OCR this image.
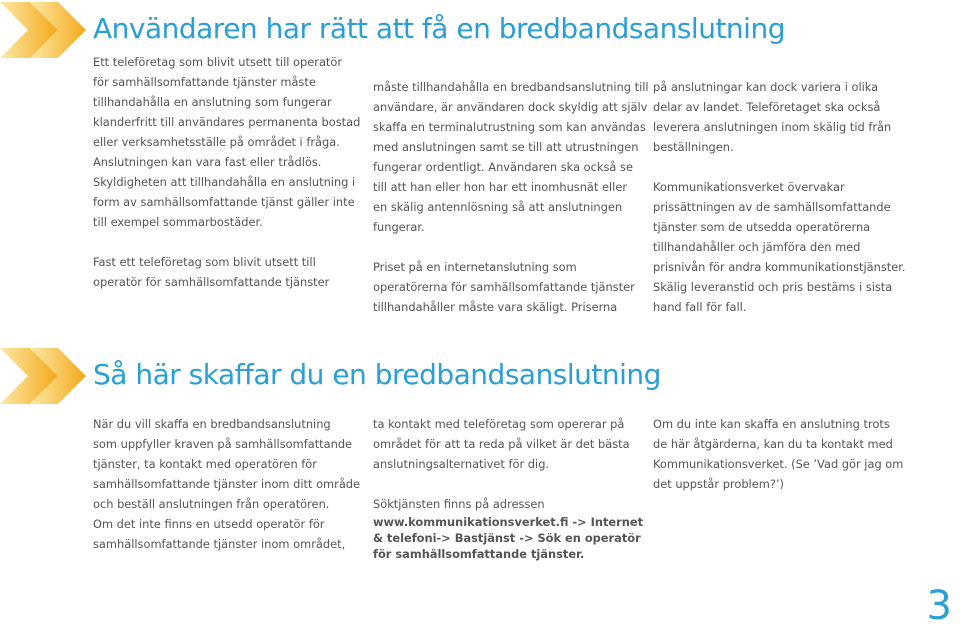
Användaren har rätt att få en bredbandsanslutning

Ett teleföretag som blivit utsett till operatör

för samhällsomfattande tjänster måste

tillhandahålla en anslutning som fungerar

klanderfritt till användares permanenta bostad

eller verksamhetsställe på området i fråga.

Anslutningen kan vara fast eller trådlös.

Skyldigheten att tillhandahålla en anslutning i

form av samhällsomfattande tjänst gäller inte

till exempel sommarbostäder.

Fast ett teleföretag som blivit utsett till

operatör för samhällsomfattande tjänster

måste tillhandahålla en bredbandsanslutning till

användare, är användaren dock skyldig att själv

skaffa en terminalutrustning som kan användas

med anslutningen samt se till att utrustningen

fungerar ordentligt. Användaren ska också se

till att han eller hon har ett inomhusnät eller

en skälig antennlösning så att anslutningen

fungerar.

Priset på en internetanslutning som

operatörerna för samhällsomfattande tjänster

tillhandahåller måste vara skäligt. Priserna

på anslutningar kan dock variera i olika

delar av landet. Teleföretaget ska också

leverera anslutningen inom skälig tid från

beställningen.

Kommunikationsverket övervakar

prissättningen av de samhällsomfattande

tjänster som de utsedda operatörerna

tillhandahåller och jämföra den med

prisnivån för andra kommunikationstjänster.

Skälig leveranstid och pris bestäms i sista

hand fall för fall.

Så här skaffar du en bredbandsanslutning

När du vill skaffa en bredbandsanslutning

som uppfyller kraven på samhällsomfattande

tjänster, ta kontakt med operatören för

samhällsomfattande tjänster inom ditt område

och beställ anslutningen från operatören.

Om det inte finns en utsedd operatör för

samhällsomfattande tjänster inom området,

ta kontakt med teleföretag som opererar på

området för att ta reda på vilket är det bästa

anslutningsalternativet för dig.

Söktjänsten finns på adressen

www.kommunikationsverket.fi -> Internet

& telefoni-> Bastjänst -> Sök en operatör

för samhällsomfattande tjänster.

Om du inte kan skaffa en anslutning trots

de här åtgärderna, kan du ta kontakt med

Kommunikationsverket. (Se ’Vad gör jag om

det uppstår problem?’)

3
